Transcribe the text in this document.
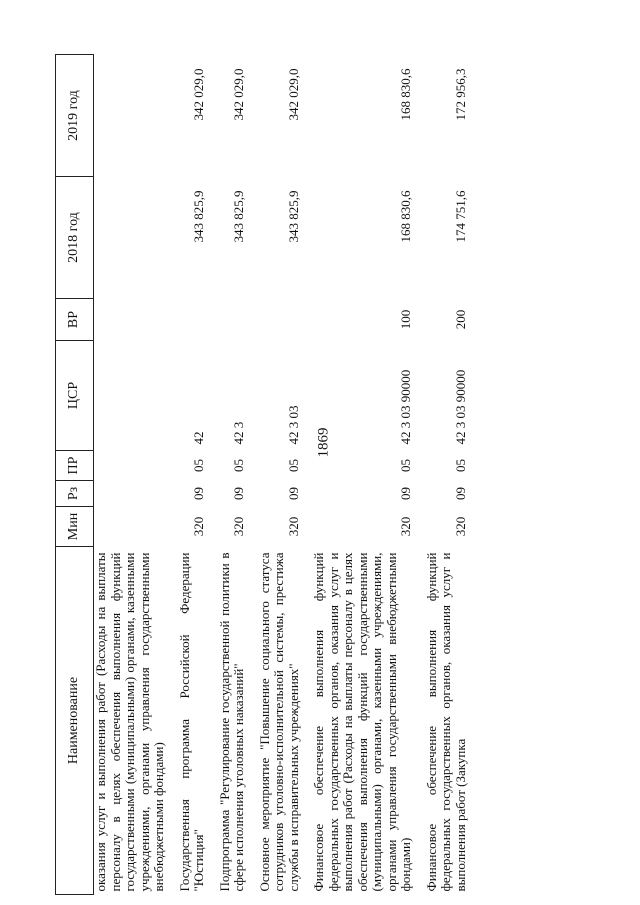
1869
Наименование	Мин	Рз	ПР	ЦСР	ВР	2018 год	2019 год
оказания услуг и выполнения работ (Расходы на выплаты персоналу в целях обеспечения выполнения функций государственными (муниципальными) органами, казенными учреждениями, органами управления государственными внебюджетными фондами)							
Государственная программа Российской Федерации "Юстиция"	320	09	05	42		343 825,9	342 029,0
Подпрограмма "Регулирование государственной политики в сфере исполнения уголовных наказаний"	320	09	05	42 3		343 825,9	342 029,0
Основное мероприятие "Повышение социального статуса сотрудников уголовно-исполнительной системы, престижа службы в исправительных учреждениях"	320	09	05	42 3 03		343 825,9	342 029,0
Финансовое обеспечение выполнения функций федеральных государственных органов, оказания услуг и выполнения работ (Расходы на выплаты персоналу в целях обеспечения выполнения функций государственными (муниципальными) органами, казенными учреждениями, органами управления государственными внебюджетными фондами)	320	09	05	42 3 03 90000	100	168 830,6	168 830,6
Финансовое обеспечение выполнения функций федеральных государственных органов, оказания услуг и выполнения работ (Закупка	320	09	05	42 3 03 90000	200	174 751,6	172 956,3
